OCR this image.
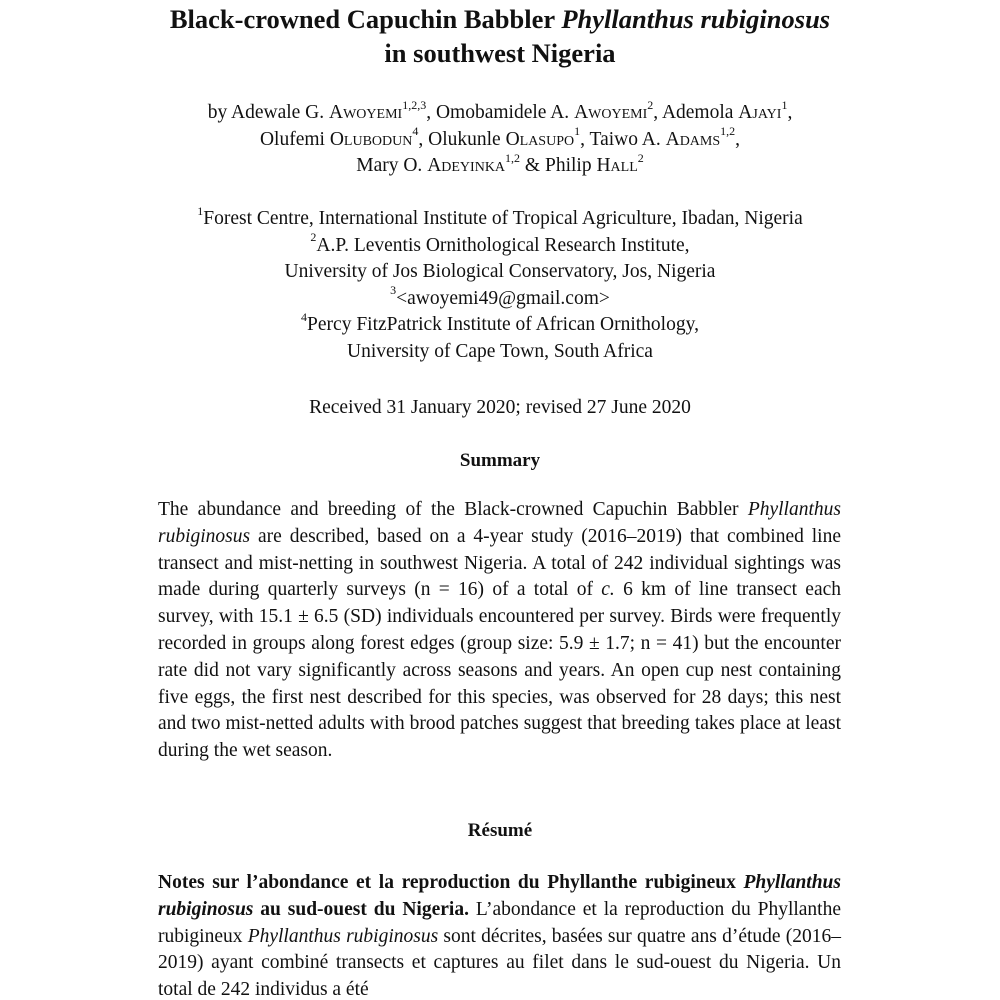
Black-crowned Capuchin Babbler Phyllanthus rubiginosus
in southwest Nigeria
by Adewale G. Awoyemi$^{1,2,3}$, Omobamidele A. Awoyemi$^2$, Ademola Ajayi$^1$,
Olufemi Olubodun$^4$, Olukunle Olasupo$^1$, Taiwo A. Adams$^{1,2}$,
Mary O. Adeyinka$^{1,2}$ & Philip Hall$^2$
$^1$Forest Centre, International Institute of Tropical Agriculture, Ibadan, Nigeria
$^2$A.P. Leventis Ornithological Research Institute,
University of Jos Biological Conservatory, Jos, Nigeria
$^3$<awoyemi49@gmail.com>
$^4$Percy FitzPatrick Institute of African Ornithology,
University of Cape Town, South Africa
Received 31 January 2020; revised 27 June 2020
Summary
The abundance and breeding of the Black-crowned Capuchin Babbler Phyllanthus rubiginosus are described, based on a 4-year study (2016–2019) that combined line transect and mist-netting in southwest Nigeria. A total of 242 individual sightings was made during quarterly surveys (n = 16) of a total of c. 6 km of line transect each survey, with 15.1 ± 6.5 (SD) individuals encountered per survey. Birds were frequently recorded in groups along forest edges (group size: 5.9 ± 1.7; n = 41) but the encounter rate did not vary significantly across seasons and years. An open cup nest containing five eggs, the first nest described for this species, was observed for 28 days; this nest and two mist-netted adults with brood patches suggest that breeding takes place at least during the wet season.
Résumé
Notes sur l’abondance et la reproduction du Phyllanthe rubigineux Phyllanthus rubiginosus au sud-ouest du Nigeria. L’abondance et la reproduction du Phyllanthe rubigineux Phyllanthus rubiginosus sont décrites, basées sur quatre ans d’étude (2016–2019) ayant combiné transects et captures au filet dans le sud-ouest du Nigeria. Un total de 242 individus a été
